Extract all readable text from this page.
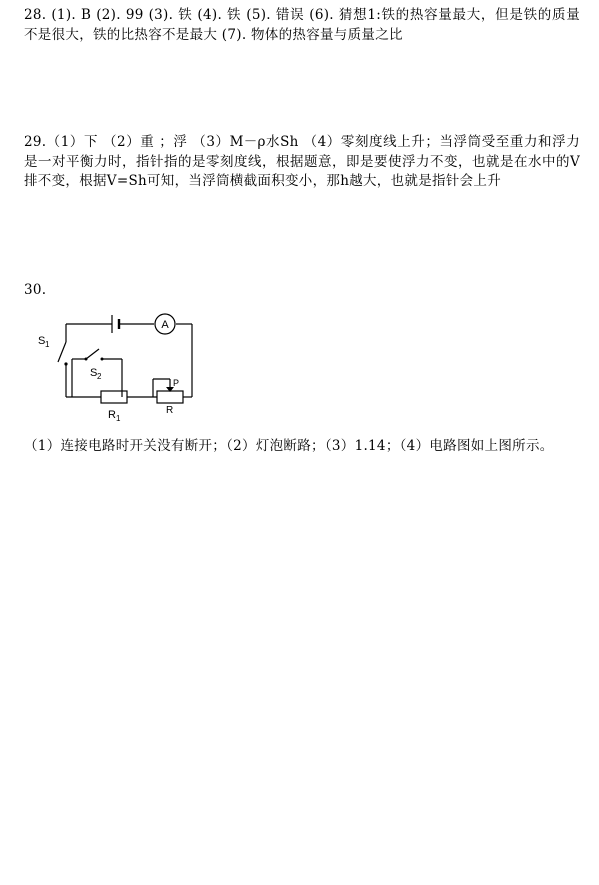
28. (1). B (2). 99 (3). 铁 (4). 铁 (5). 错误 (6). 猜想1:铁的热容量最大，但是铁的质量不是很大，铁的比热容不是最大 (7). 物体的热容量与质量之比
29.（1）下 （2）重 ；浮 （3）M－ρ水Sh （4）零刻度线上升；当浮筒受至重力和浮力是一对平衡力时，指针指的是零刻度线，根据题意，即是要使浮力不变，也就是在水中的V排不变，根据V=Sh可知，当浮筒横截面积变小，那h越大，也就是指针会上升
30.
A
S 1
S 2
R 1
P
R
（1）连接电路时开关没有断开；（2）灯泡断路；（3）1.14；（4）电路图如上图所示。
